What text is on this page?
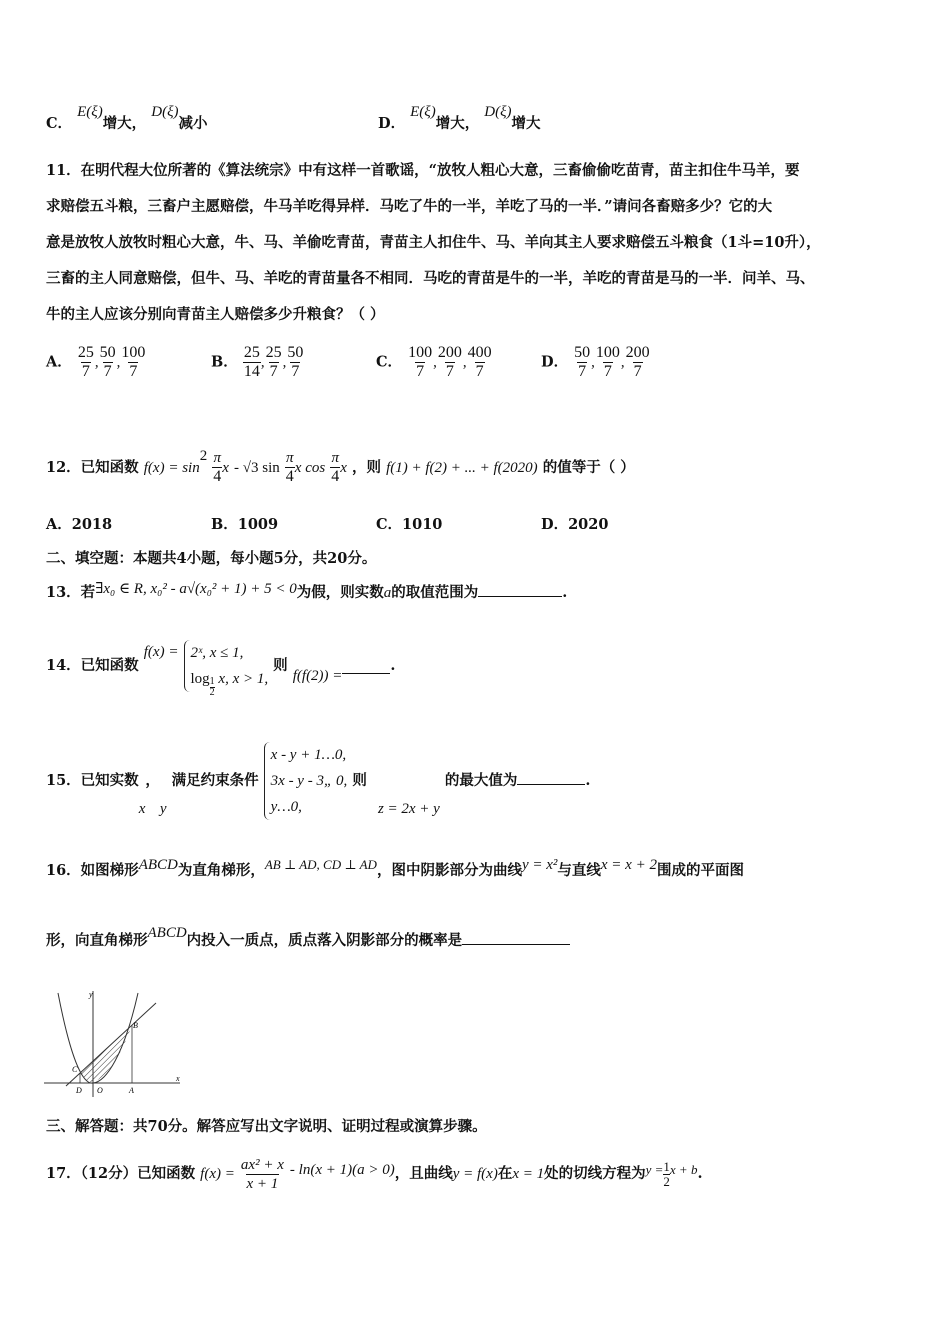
C． E(ξ)增大， D(ξ)减小	D． E(ξ)增大， D(ξ)增大
11．在明代程大位所著的《算法统宗》中有这样一首歌谣，“放牧人粗心大意，三畜偷偷吃苗青，苗主扣住牛马羊，要
求赔偿五斗粮，三畜户主愿赔偿，牛马羊吃得异样．马吃了牛的一半，羊吃了马的一半．”请问各畜赔多少？它的大
意是放牧人放牧时粗心大意，牛、马、羊偷吃青苗，青苗主人扣住牛、马、羊向其主人要求赔偿五斗粮食（1斗=10升），
三畜的主人同意赔偿，但牛、马、羊吃的青苗量各不相同．马吃的青苗是牛的一半，羊吃的青苗是马的一半．问羊、马、
牛的主人应该分别向青苗主人赔偿多少升粮食？（ ）
A． $\frac{25}{7}$ , $\frac{50}{7}$ , $\frac{100}{7}$	B． $\frac{25}{14}$ , $\frac{25}{7}$ , $\frac{50}{7}$	C． $\frac{100}{7}$ , $\frac{200}{7}$ , $\frac{400}{7}$	D． $\frac{50}{7}$ , $\frac{100}{7}$ , $\frac{200}{7}$
12．已知函数 $f(x) = \sin^2 \frac{\pi}{4}$ x - √3 $\sin \frac{\pi}{4}$ x $\cos \frac{\pi}{4}$ x ，则 f(1) + f(2) + ... + f(2020) 的值等于（ ）
A．2018	B．1009	C．1010	D．2020
二、填空题：本题共4小题，每小题5分，共20分。
13．若∃x₀ ∈ R, x₀² - a√(x₀² + 1) + 5 < 0为假，则实数a的取值范围为	.
14．已知函数 f(x) = 2ˣ, x ≤ 1,
$\log \frac{1}{2} x$, x > 1,
则 f(f(2)) =.
15．已知实数x，y 满足约束条件
x - y + 1…0,
3x - y - 3„ 0,
y…0,
则 z = 2x + y 的最大值为	.
16．如图梯形ABCD为直角梯形，AB ⊥ AD, CD ⊥ AD，图中阴影部分为曲线y = x²与直线x = x + 2围成的平面图
形，向直角梯形ABCD内投入一质点，质点落入阴影部分的概率是
y
x
B
C
D O	A
三、解答题：共70分。解答应写出文字说明、证明过程或演算步骤。
17．（12分）已知函数 $f(x) = \frac{\text{ax² + x}}{x + 1} - \ln(x + 1)(a > 0)$，且曲线y = f(x)在x = 1处的切线方程为$y = \frac{1}{2}$ x + b.
